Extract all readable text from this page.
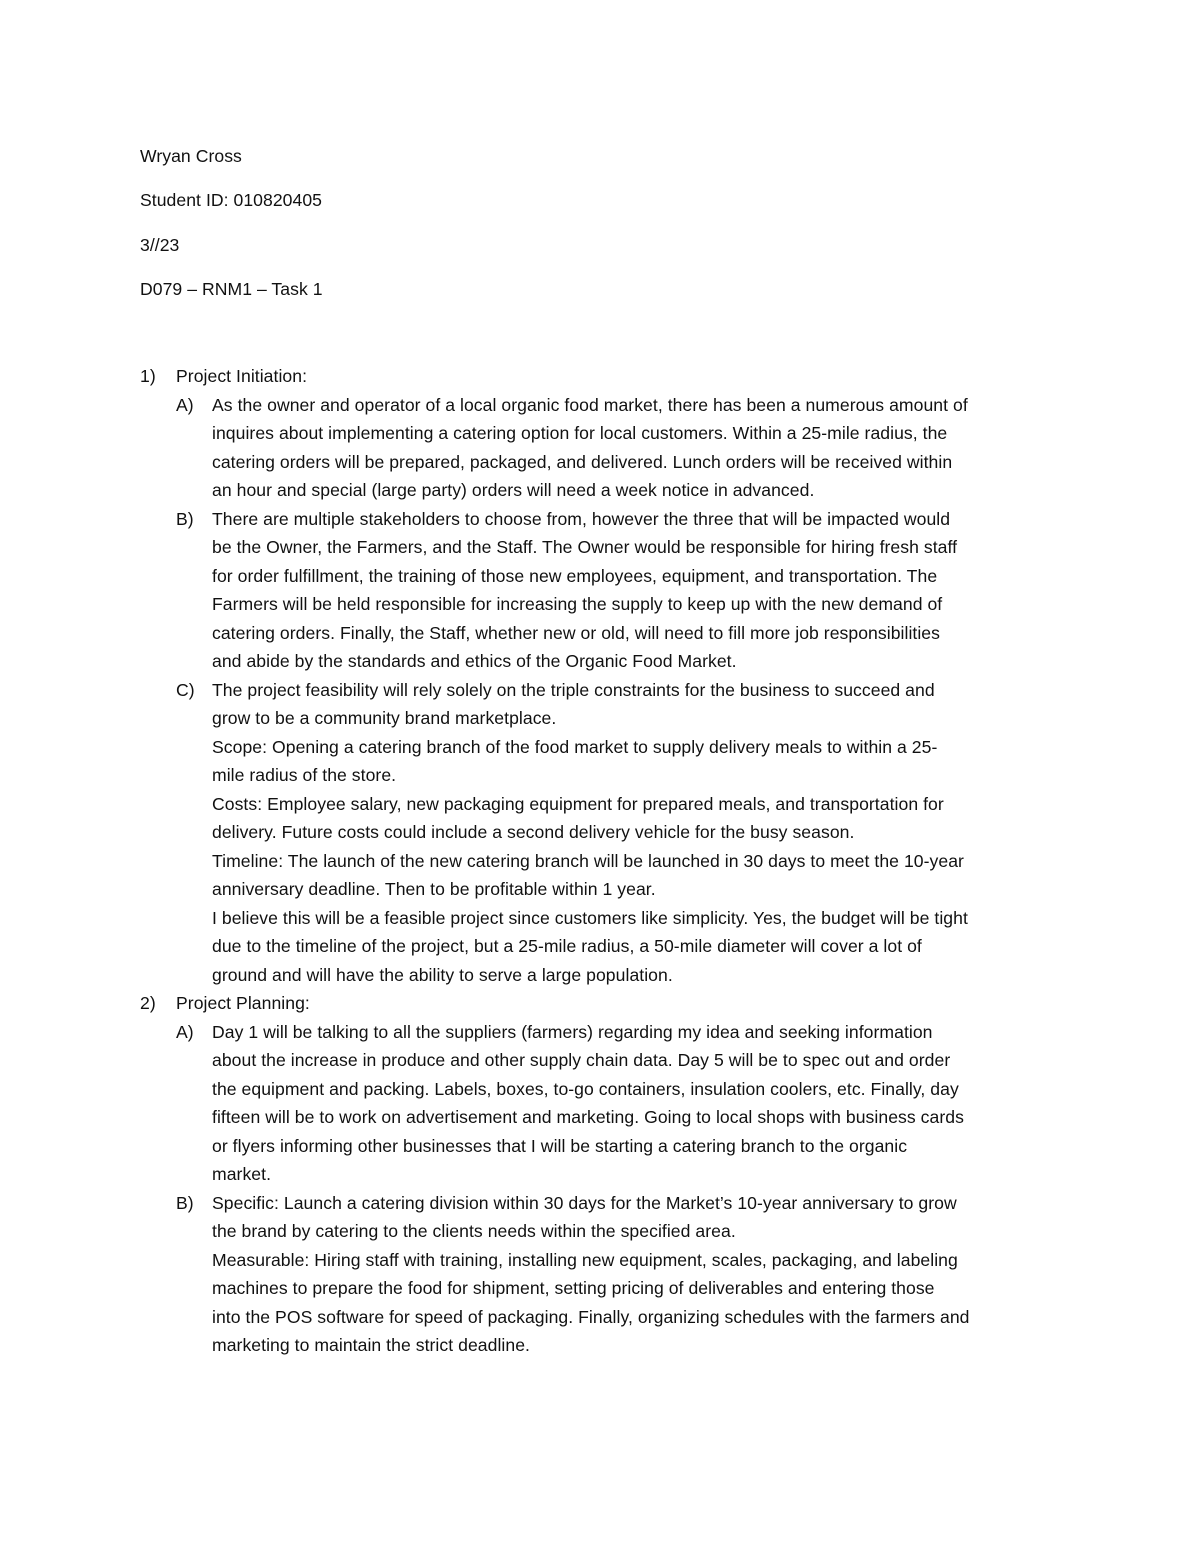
Wryan Cross
Student ID: 010820405
3//23
D079 – RNM1 – Task 1
1) Project Initiation:
A) As the owner and operator of a local organic food market, there has been a numerous amount of
inquires about implementing a catering option for local customers. Within a 25-mile radius, the
catering orders will be prepared, packaged, and delivered. Lunch orders will be received within
an hour and special (large party) orders will need a week notice in advanced.
B) There are multiple stakeholders to choose from, however the three that will be impacted would
be the Owner, the Farmers, and the Staff. The Owner would be responsible for hiring fresh staff
for order fulfillment, the training of those new employees, equipment, and transportation. The
Farmers will be held responsible for increasing the supply to keep up with the new demand of
catering orders. Finally, the Staff, whether new or old, will need to fill more job responsibilities
and abide by the standards and ethics of the Organic Food Market.
C) The project feasibility will rely solely on the triple constraints for the business to succeed and
grow to be a community brand marketplace.
Scope: Opening a catering branch of the food market to supply delivery meals to within a 25-
mile radius of the store.
Costs: Employee salary, new packaging equipment for prepared meals, and transportation for
delivery. Future costs could include a second delivery vehicle for the busy season.
Timeline: The launch of the new catering branch will be launched in 30 days to meet the 10-year
anniversary deadline. Then to be profitable within 1 year.
I believe this will be a feasible project since customers like simplicity. Yes, the budget will be tight
due to the timeline of the project, but a 25-mile radius, a 50-mile diameter will cover a lot of
ground and will have the ability to serve a large population.
2) Project Planning:
A) Day 1 will be talking to all the suppliers (farmers) regarding my idea and seeking information
about the increase in produce and other supply chain data. Day 5 will be to spec out and order
the equipment and packing. Labels, boxes, to-go containers, insulation coolers, etc. Finally, day
fifteen will be to work on advertisement and marketing. Going to local shops with business cards
or flyers informing other businesses that I will be starting a catering branch to the organic
market.
B) Specific: Launch a catering division within 30 days for the Market’s 10-year anniversary to grow
the brand by catering to the clients needs within the specified area.
Measurable: Hiring staff with training, installing new equipment, scales, packaging, and labeling
machines to prepare the food for shipment, setting pricing of deliverables and entering those
into the POS software for speed of packaging. Finally, organizing schedules with the farmers and
marketing to maintain the strict deadline.
